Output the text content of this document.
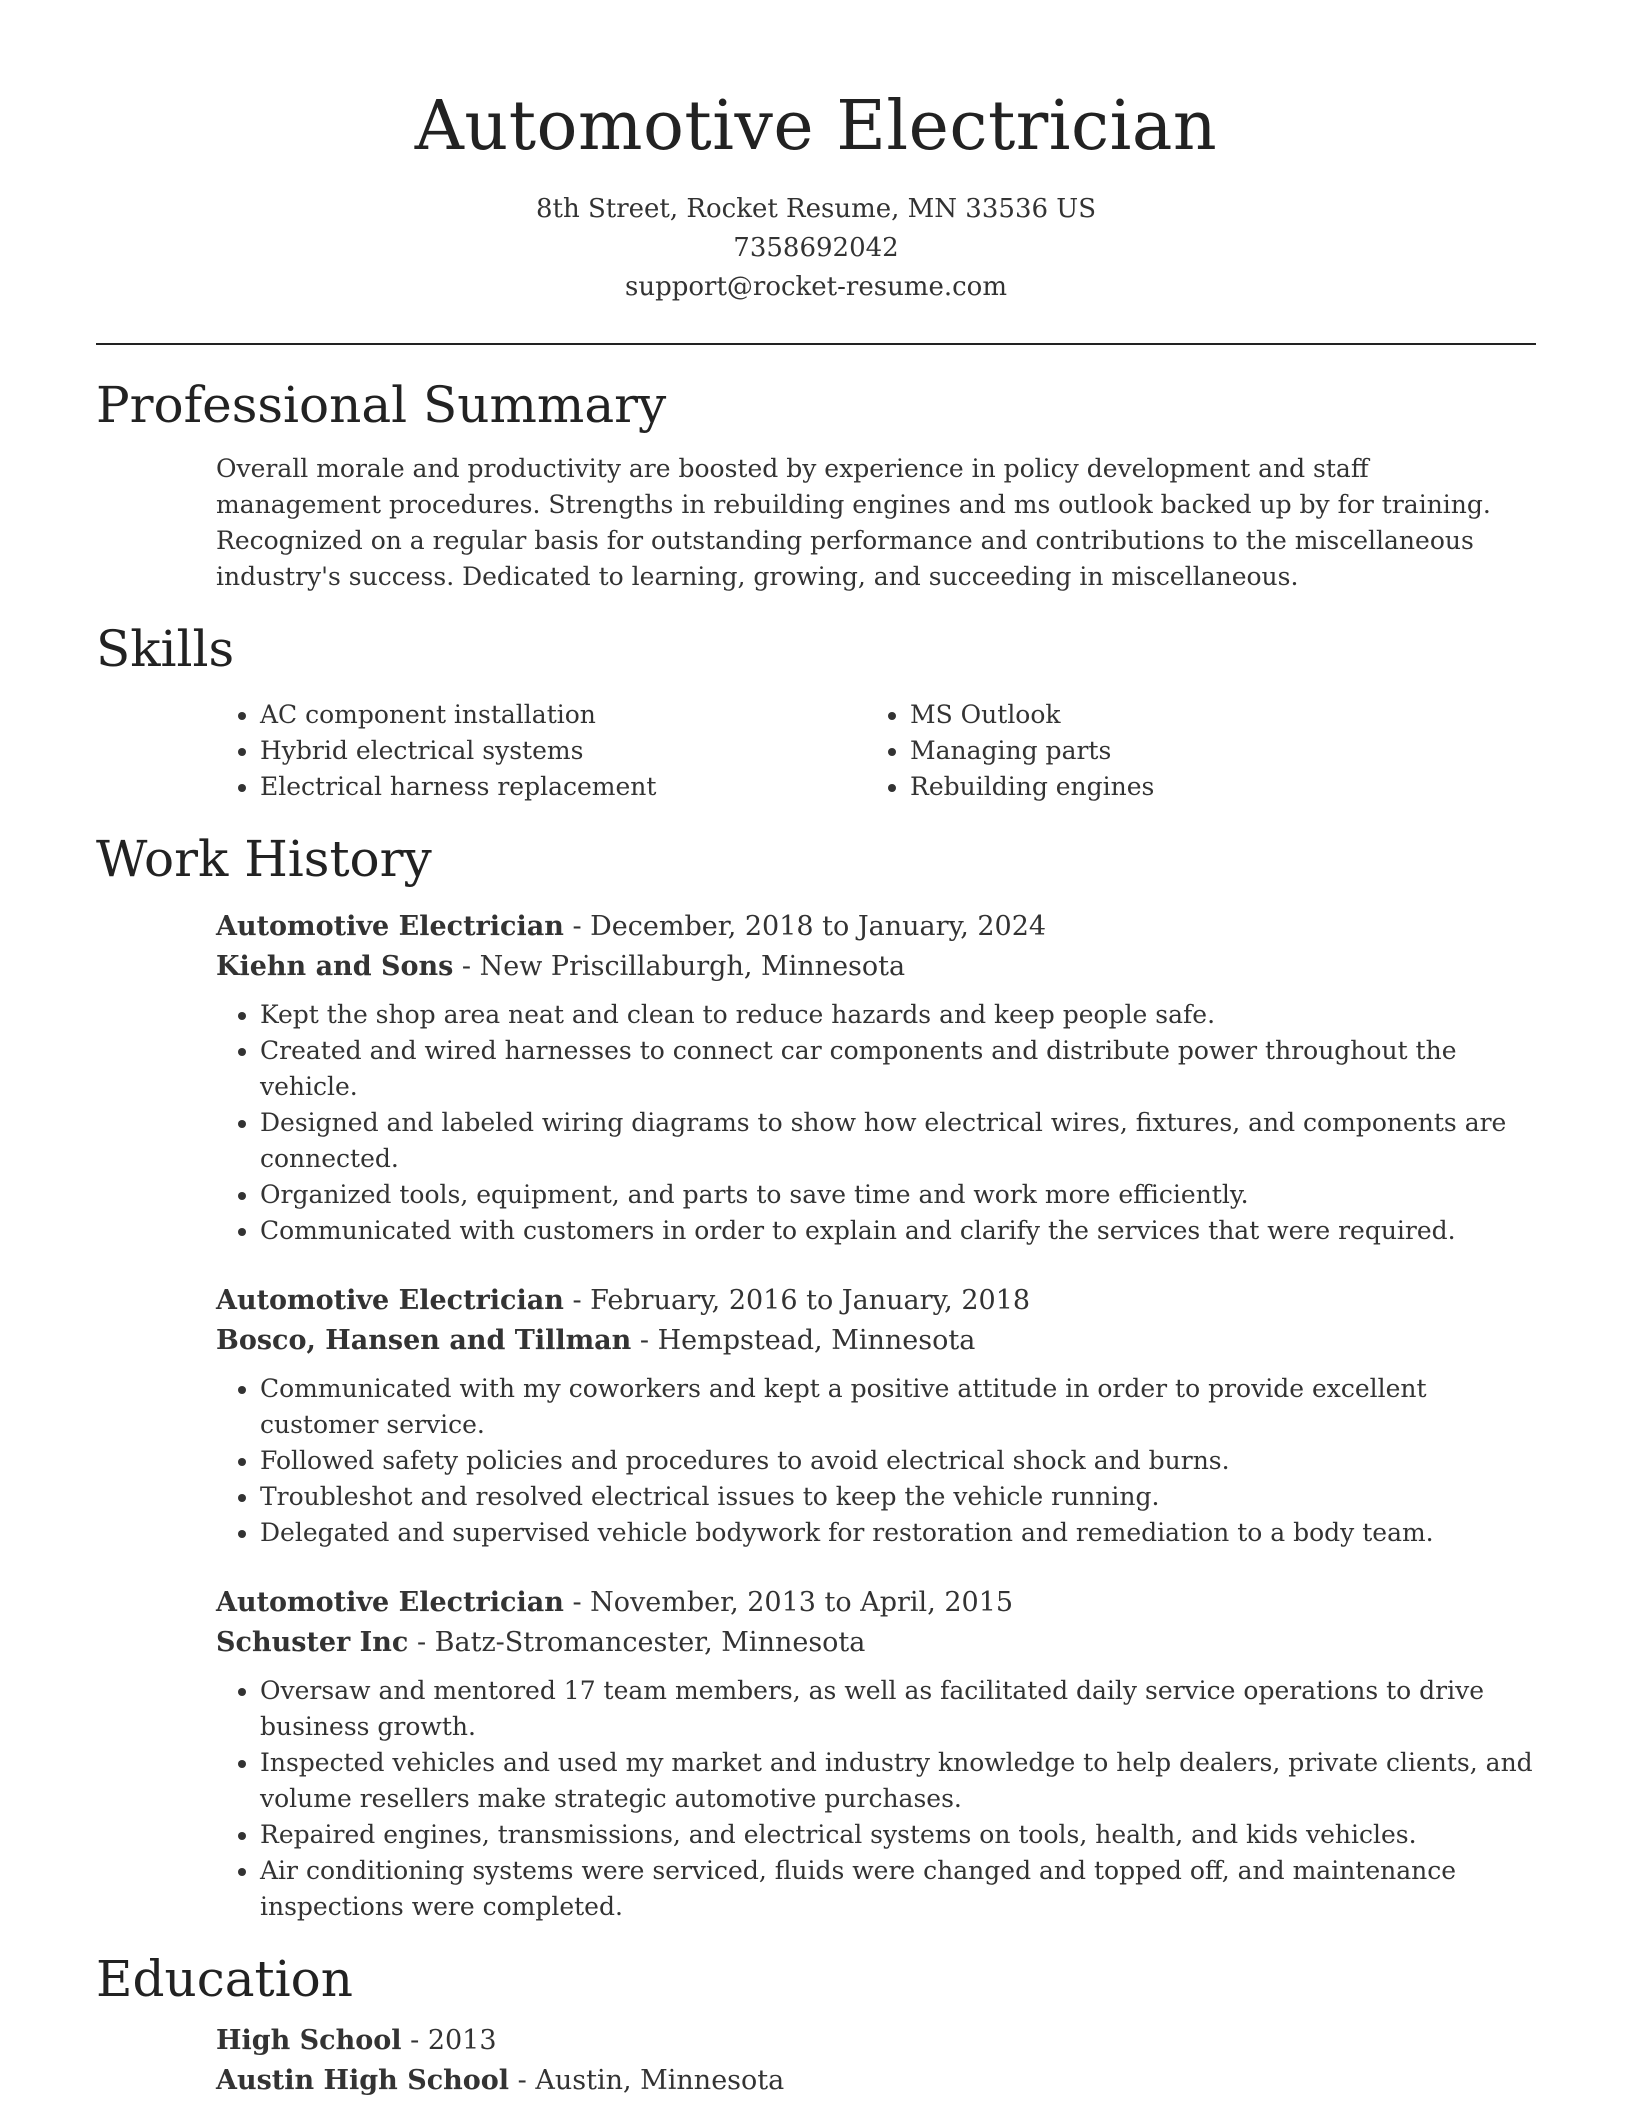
Automotive Electrician
8th Street, Rocket Resume, MN 33536 US
7358692042
support@rocket-resume.com
Professional Summary

Overall morale and productivity are boosted by experience in policy development and staff management procedures. Strengths in rebuilding engines and ms outlook backed up by for training. Recognized on a regular basis for outstanding performance and contributions to the miscellaneous industry's success. Dedicated to learning, growing, and succeeding in miscellaneous.

Skills
• AC component installation
• Hybrid electrical systems
• Electrical harness replacement
• MS Outlook
• Managing parts
• Rebuilding engines
Work History
Automotive Electrician - December, 2018 to January, 2024
Kiehn and Sons - New Priscillaburgh, Minnesota
• Kept the shop area neat and clean to reduce hazards and keep people safe.
• Created and wired harnesses to connect car components and distribute power throughout the vehicle.
• Designed and labeled wiring diagrams to show how electrical wires, fixtures, and components are connected.
• Organized tools, equipment, and parts to save time and work more efficiently.
• Communicated with customers in order to explain and clarify the services that were required.
Automotive Electrician - February, 2016 to January, 2018
Bosco, Hansen and Tillman - Hempstead, Minnesota
• Communicated with my coworkers and kept a positive attitude in order to provide excellent customer service.
• Followed safety policies and procedures to avoid electrical shock and burns.
• Troubleshot and resolved electrical issues to keep the vehicle running.
• Delegated and supervised vehicle bodywork for restoration and remediation to a body team.
Automotive Electrician - November, 2013 to April, 2015
Schuster Inc - Batz-Stromancester, Minnesota
• Oversaw and mentored 17 team members, as well as facilitated daily service operations to drive business growth.
• Inspected vehicles and used my market and industry knowledge to help dealers, private clients, and volume resellers make strategic automotive purchases.
• Repaired engines, transmissions, and electrical systems on tools, health, and kids vehicles.
• Air conditioning systems were serviced, fluids were changed and topped off, and maintenance inspections were completed.
Education
High School - 2013
Austin High School - Austin, Minnesota
